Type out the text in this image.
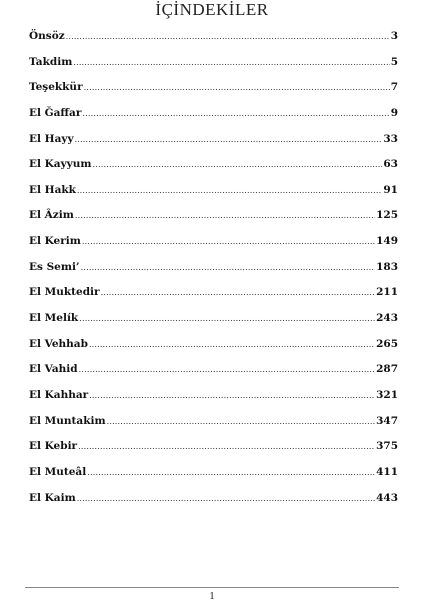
İÇİNDEKİLER
Önsöz .....	3
Takdim .....	5
Teşekkür .....	7
El Ğaffar .....	9
El Hayy .....	33
El Kayyum .....	63
El Hakk .....	91
El Âzim .....	125
El Kerim .....	149
Es Semi’ .....	183
El Muktedir .....	211
El Melík .....	243
El Vehhab .....	265
El Vahid .....	287
El Kahhar .....	321
El Muntakim .....	347
El Kebir .....	375
El Muteâl .....	411
El Kaim .....	443
1
